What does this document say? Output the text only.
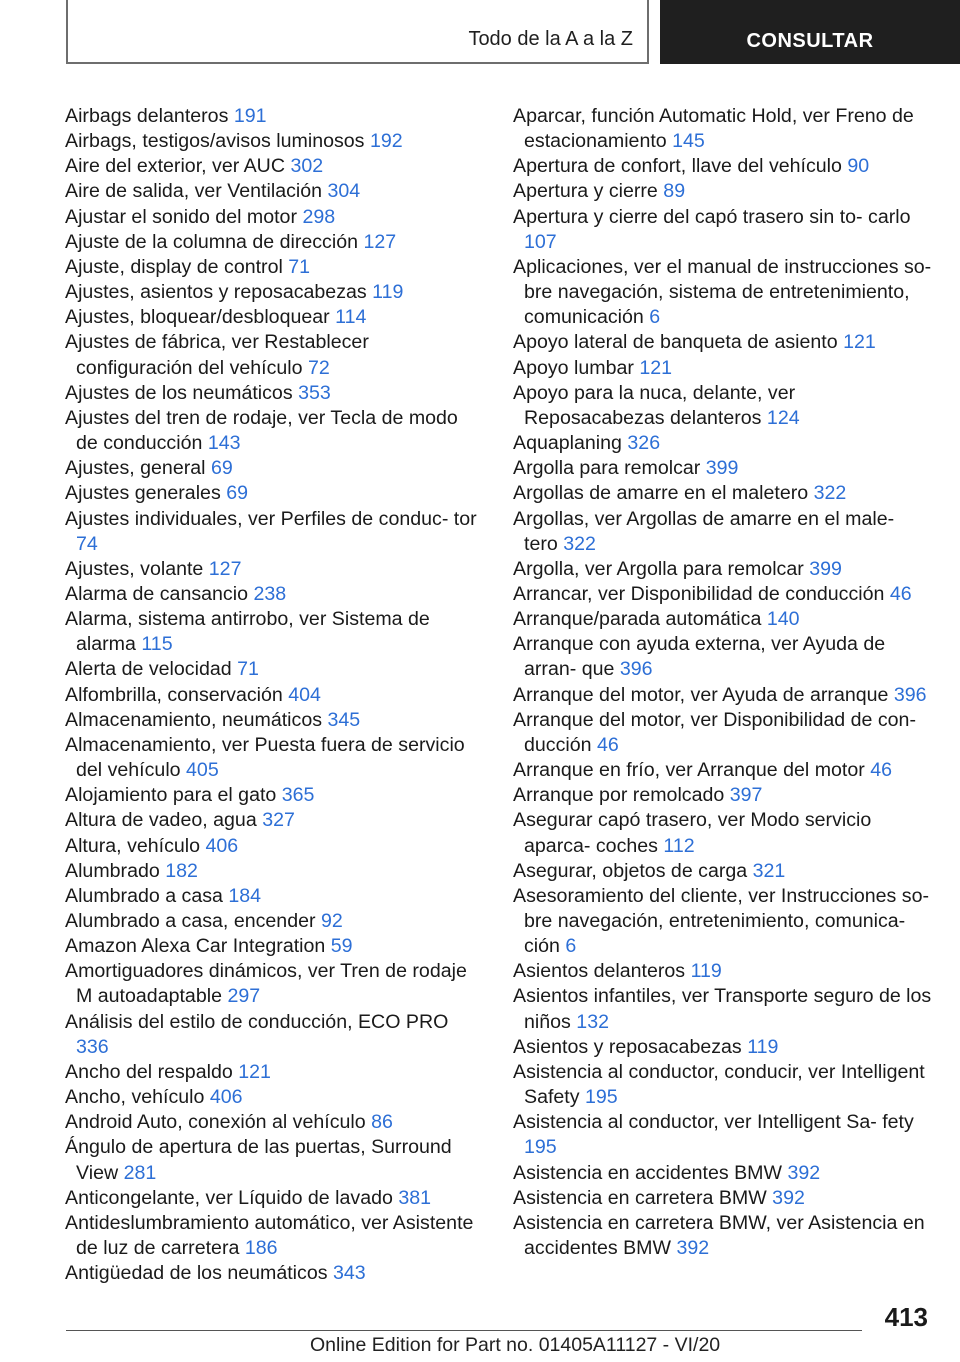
Todo de la A a la Z	CONSULTAR
Airbags delanteros 191
Airbags, testigos/avisos luminosos 192
Aire del exterior, ver AUC 302
Aire de salida, ver Ventilación 304
Ajustar el sonido del motor 298
Ajuste de la columna de dirección 127
Ajuste, display de control 71
Ajustes, asientos y reposacabezas 119
Ajustes, bloquear/desbloquear 114
Ajustes de fábrica, ver Restablecer configuración del vehículo 72
Ajustes de los neumáticos 353
Ajustes del tren de rodaje, ver Tecla de modo de conducción 143
Ajustes, general 69
Ajustes generales 69
Ajustes individuales, ver Perfiles de conduc‐ tor 74
Ajustes, volante 127
Alarma de cansancio 238
Alarma, sistema antirrobo, ver Sistema de alarma 115
Alerta de velocidad 71
Alfombrilla, conservación 404
Almacenamiento, neumáticos 345
Almacenamiento, ver Puesta fuera de servicio del vehículo 405
Alojamiento para el gato 365
Altura de vadeo, agua 327
Altura, vehículo 406
Alumbrado 182
Alumbrado a casa 184
Alumbrado a casa, encender 92
Amazon Alexa Car Integration 59
Amortiguadores dinámicos, ver Tren de rodaje M autoadaptable 297
Análisis del estilo de conducción, ECO PRO 336
Ancho del respaldo 121
Ancho, vehículo 406
Android Auto, conexión al vehículo 86
Ángulo de apertura de las puertas, Surround View 281
Anticongelante, ver Líquido de lavado 381
Antideslumbramiento automático, ver Asistente de luz de carretera 186
Antigüedad de los neumáticos 343
Aparcar, función Automatic Hold, ver Freno de estacionamiento 145
Apertura de confort, llave del vehículo 90
Apertura y cierre 89
Apertura y cierre del capó trasero sin to‐ carlo 107
Aplicaciones, ver el manual de instrucciones so‐ bre navegación, sistema de entretenimiento, comunicación 6
Apoyo lateral de banqueta de asiento 121
Apoyo lumbar 121
Apoyo para la nuca, delante, ver Reposacabezas delanteros 124
Aquaplaning 326
Argolla para remolcar 399
Argollas de amarre en el maletero 322
Argollas, ver Argollas de amarre en el male‐ tero 322
Argolla, ver Argolla para remolcar 399
Arrancar, ver Disponibilidad de conducción 46
Arranque/parada automática 140
Arranque con ayuda externa, ver Ayuda de arran‐ que 396
Arranque del motor, ver Ayuda de arranque 396
Arranque del motor, ver Disponibilidad de con‐ ducción 46
Arranque en frío, ver Arranque del motor 46
Arranque por remolcado 397
Asegurar capó trasero, ver Modo servicio aparca‐ coches 112
Asegurar, objetos de carga 321
Asesoramiento del cliente, ver Instrucciones so‐ bre navegación, entretenimiento, comunica‐ ción 6
Asientos delanteros 119
Asientos infantiles, ver Transporte seguro de los niños 132
Asientos y reposacabezas 119
Asistencia al conductor, conducir, ver Intelligent Safety 195
Asistencia al conductor, ver Intelligent Sa‐ fety 195
Asistencia en accidentes BMW 392
Asistencia en carretera BMW 392
Asistencia en carretera BMW, ver Asistencia en accidentes BMW 392
413
Online Edition for Part no. 01405A11127 - VI/20
